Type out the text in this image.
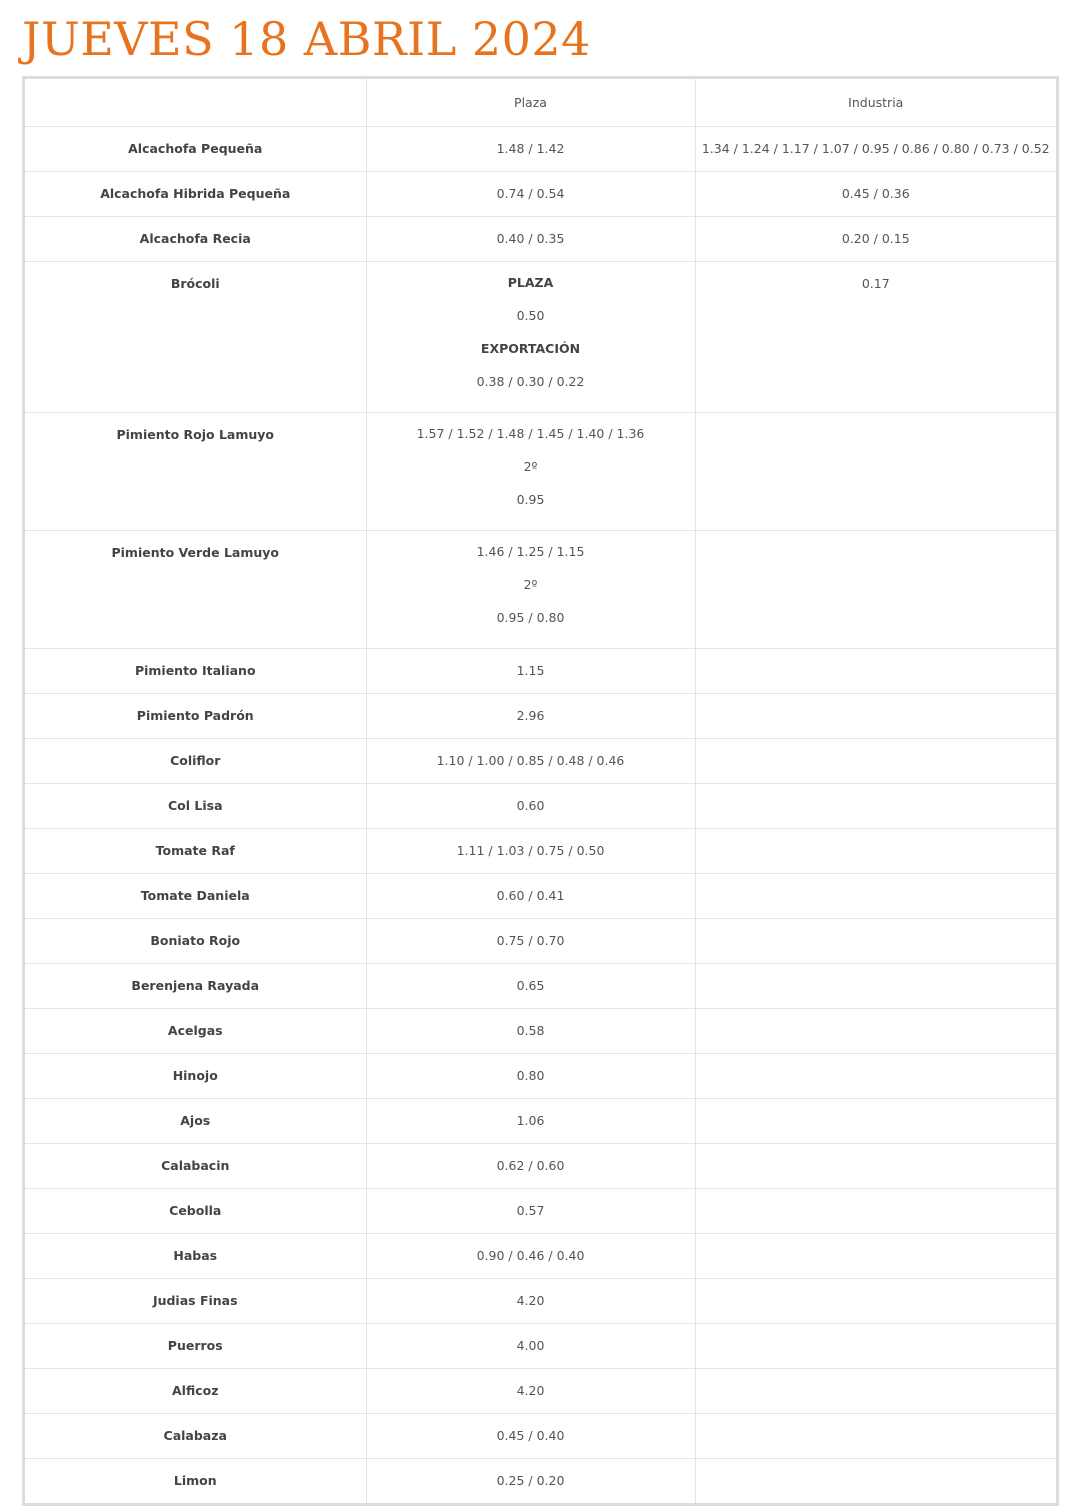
JUEVES 18 ABRIL 2024
	Plaza	Industria
Alcachofa Pequeña	1.48 / 1.42	1.34 / 1.24 / 1.17 / 1.07 / 0.95 / 0.86 / 0.80 / 0.73 / 0.52
Alcachofa Hibrida Pequeña	0.74 / 0.54	0.45 / 0.36
Alcachofa Recia	0.40 / 0.35	0.20 / 0.15
Brócoli	PLAZA
0.50
EXPORTACIÓN
0.38 / 0.30 / 0.22	0.17
Pimiento Rojo Lamuyo	1.57 / 1.52 / 1.48 / 1.45 / 1.40 / 1.36
2º
0.95	

Pimiento Verde Lamuyo	1.46 / 1.25 / 1.15
2º
0.95 / 0.80	

Pimiento Italiano	1.15	
Pimiento Padrón	2.96	
Coliflor	1.10 / 1.00 / 0.85 / 0.48 / 0.46	
Col Lisa	0.60	
Tomate Raf	1.11 / 1.03 / 0.75 / 0.50	
Tomate Daniela	0.60 / 0.41	
Boniato Rojo	0.75 / 0.70	
Berenjena Rayada	0.65	
Acelgas	0.58	
Hinojo	0.80	
Ajos	1.06	
Calabacin	0.62 / 0.60	
Cebolla	0.57	
Habas	0.90 / 0.46 / 0.40	
Judias Finas	4.20	
Puerros	4.00	
Alficoz	4.20	
Calabaza	0.45 / 0.40	
Limon	0.25 / 0.20	
